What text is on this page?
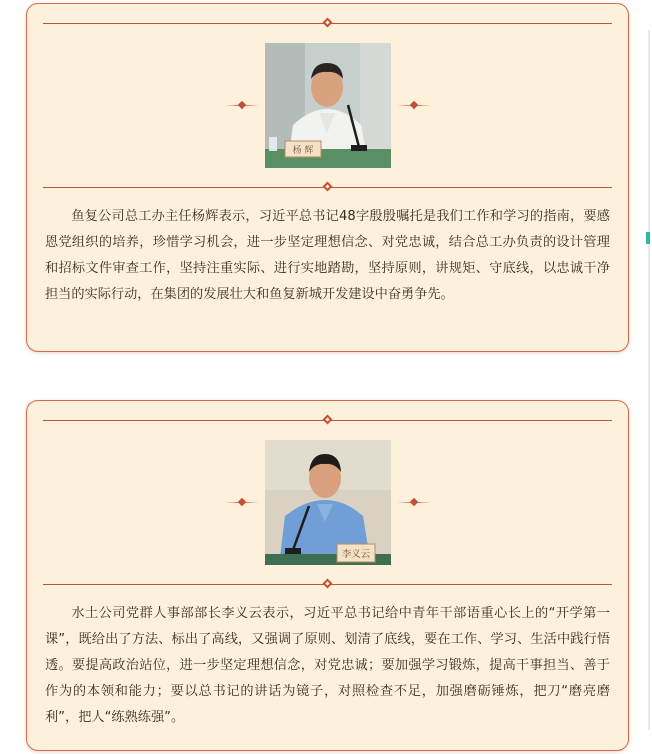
杨 辉

鱼复公司总工办主任杨辉表示，习近平总书记48字殷殷嘱托是我们工作和学习的指南，要感恩党组织的培养，珍惜学习机会，进一步坚定理想信念、对党忠诚，结合总工办负责的设计管理和招标文件审查工作，坚持注重实际、进行实地踏勘，坚持原则，讲规矩、守底线，以忠诚干净担当的实际行动，在集团的发展壮大和鱼复新城开发建设中奋勇争先。

李义云

水土公司党群人事部部长李义云表示，习近平总书记给中青年干部语重心长上的“开学第一课”，既给出了方法、标出了高线，又强调了原则、划清了底线，要在工作、学习、生活中践行悟透。要提高政治站位，进一步坚定理想信念，对党忠诚；要加强学习锻炼，提高干事担当、善于作为的本领和能力；要以总书记的讲话为镜子，对照检查不足，加强磨砺锤炼，把刀“磨亮磨利”，把人“练熟练强”。
